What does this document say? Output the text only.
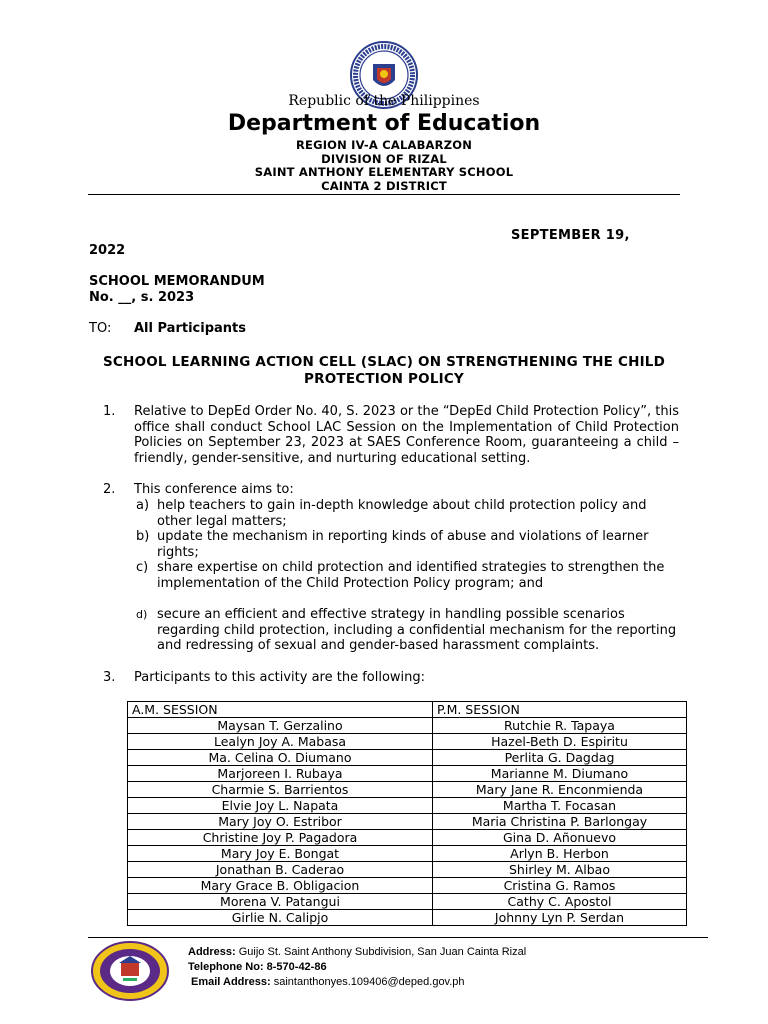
Republic of the Philippines
Department of Education
REGION IV-A CALABARZON
DIVISION OF RIZAL
SAINT ANTHONY ELEMENTARY SCHOOL
CAINTA 2 DISTRICT
SEPTEMBER 19,
2022
SCHOOL MEMORANDUM
No. __, s. 2023
TO: All Participants
SCHOOL LEARNING ACTION CELL (SLAC) ON STRENGTHENING THE CHILD PROTECTION POLICY
1.	Relative to DepEd Order No. 40, S. 2023 or the “DepEd Child Protection Policy”, this office shall conduct School LAC Session on the Implementation of Child Protection Policies on September 23, 2023 at SAES Conference Room, guaranteeing a child – friendly, gender-sensitive, and nurturing educational setting.
2.	This conference aims to:
a) help teachers to gain in-depth knowledge about child protection policy and other legal matters;
b) update the mechanism in reporting kinds of abuse and violations of learner rights;
c) share expertise on child protection and identified strategies to strengthen the implementation of the Child Protection Policy program; and
d) secure an efficient and effective strategy in handling possible scenarios regarding child protection, including a confidential mechanism for the reporting and redressing of sexual and gender-based harassment complaints.
3.	Participants to this activity are the following:
A.M. SESSION	P.M. SESSION
Maysan T. Gerzalino	Rutchie R. Tapaya
Lealyn Joy A. Mabasa	Hazel-Beth D. Espiritu
Ma. Celina O. Diumano	Perlita G. Dagdag
Marjoreen I. Rubaya	Marianne M. Diumano
Charmie S. Barrientos	Mary Jane R. Enconmienda
Elvie Joy L. Napata	Martha T. Focasan
Mary Joy O. Estribor	Maria Christina P. Barlongay
Christine Joy P. Pagadora	Gina D. Añonuevo
Mary Joy E. Bongat	Arlyn B. Herbon
Jonathan B. Caderao	Shirley M. Albao
Mary Grace B. Obligacion	Cristina G. Ramos
Morena V. Patangui	Cathy C. Apostol
Girlie N. Calipjo	Johnny Lyn P. Serdan
Address: Guijo St. Saint Anthony Subdivision, San Juan Cainta Rizal
Telephone No: 8-570-42-86
Email Address: saintanthonyes.109406@deped.gov.ph
